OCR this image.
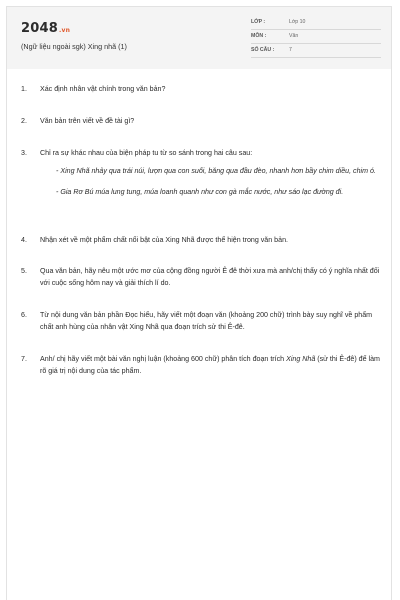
2048.vn
(Ngữ liệu ngoài sgk) Xing nhã (1)
LỚP :	Lớp 10
MÔN :	Văn
SỐ CÂU :	7
1.	Xác định nhân vật chính trong văn bản?
2.	Văn bản trên viết về đề tài gì?
3.	Chỉ ra sự khác nhau của biện pháp tu từ so sánh trong hai câu sau:
- Xing Nhã nhảy qua trái núi, lượn qua con suối, băng qua đầu đèo, nhanh hơn bầy chim diều, chim ó.
- Gia Rơ Bú múa lung tung, múa loanh quanh như con gà mắc nước, như sáo lạc đường đi.
4.	Nhận xét về một phẩm chất nổi bật của Xing Nhã được thể hiện trong văn bản.
5.	Qua văn bản, hãy nêu một ước mơ của cộng đồng người Ê đê thời xưa mà anh/chị thấy có ý nghĩa nhất đối với cuộc sống hôm nay và giải thích lí do.
6.	Từ nội dung văn bản phần Đọc hiểu, hãy viết một đoạn văn (khoảng 200 chữ) trình bày suy nghĩ về phẩm chất anh hùng của nhân vật Xing Nhã qua đoạn trích sử thi Ê-đê.
7.	Anh/ chị hãy viết một bài văn nghị luận (khoảng 600 chữ) phân tích đoạn trích Xing Nhã (sử thi Ê-đê) để làm rõ giá trị nội dung của tác phẩm.
